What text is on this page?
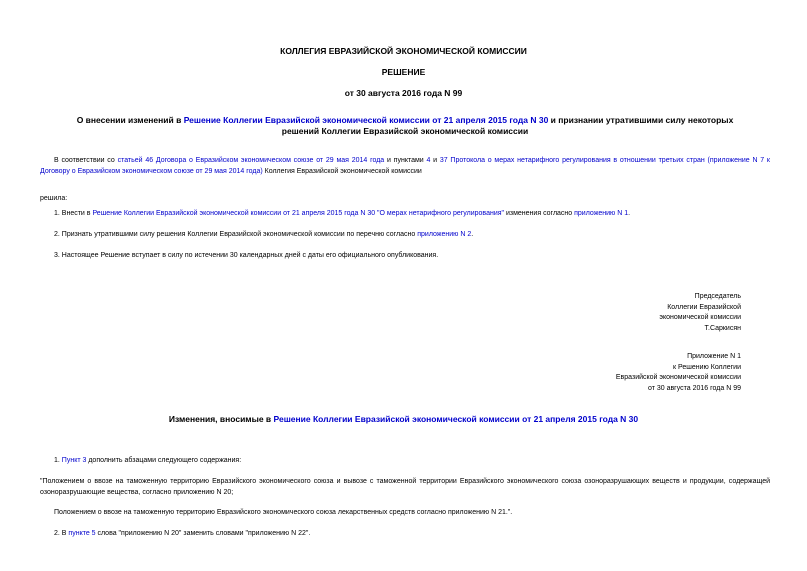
КОЛЛЕГИЯ ЕВРАЗИЙСКОЙ ЭКОНОМИЧЕСКОЙ КОМИССИИ
РЕШЕНИЕ
от 30 августа 2016 года N 99
О внесении изменений в Решение Коллегии Евразийской экономической комиссии от 21 апреля 2015 года N 30 и признании утратившими силу некоторых решений Коллегии Евразийской экономической комиссии
В соответствии со статьей 46 Договора о Евразийском экономическом союзе от 29 мая 2014 года и пунктами 4 и 37 Протокола о мерах нетарифного регулирования в отношении третьих стран (приложение N 7 к Договору о Евразийском экономическом союзе от 29 мая 2014 года) Коллегия Евразийской экономической комиссии
решила:
1. Внести в Решение Коллегии Евразийской экономической комиссии от 21 апреля 2015 года N 30 "О мерах нетарифного регулирования" изменения согласно приложению N 1.
2. Признать утратившими силу решения Коллегии Евразийской экономической комиссии по перечню согласно приложению N 2.
3. Настоящее Решение вступает в силу по истечении 30 календарных дней с даты его официального опубликования.
Председатель
Коллегии Евразийской
экономической комиссии
Т.Саркисян
Приложение N 1
к Решению Коллегии
Евразийской экономической комиссии
от 30 августа 2016 года N 99
Изменения, вносимые в Решение Коллегии Евразийской экономической комиссии от 21 апреля 2015 года N 30
1. Пункт 3 дополнить абзацами следующего содержания:
"Положением о ввозе на таможенную территорию Евразийского экономического союза и вывозе с таможенной территории Евразийского экономического союза озоноразрушающих веществ и продукции, содержащей озоноразрушающие вещества, согласно приложению N 20;
Положением о ввозе на таможенную территорию Евразийского экономического союза лекарственных средств согласно приложению N 21.".
2. В пункте 5 слова "приложению N 20" заменить словами "приложению N 22".
